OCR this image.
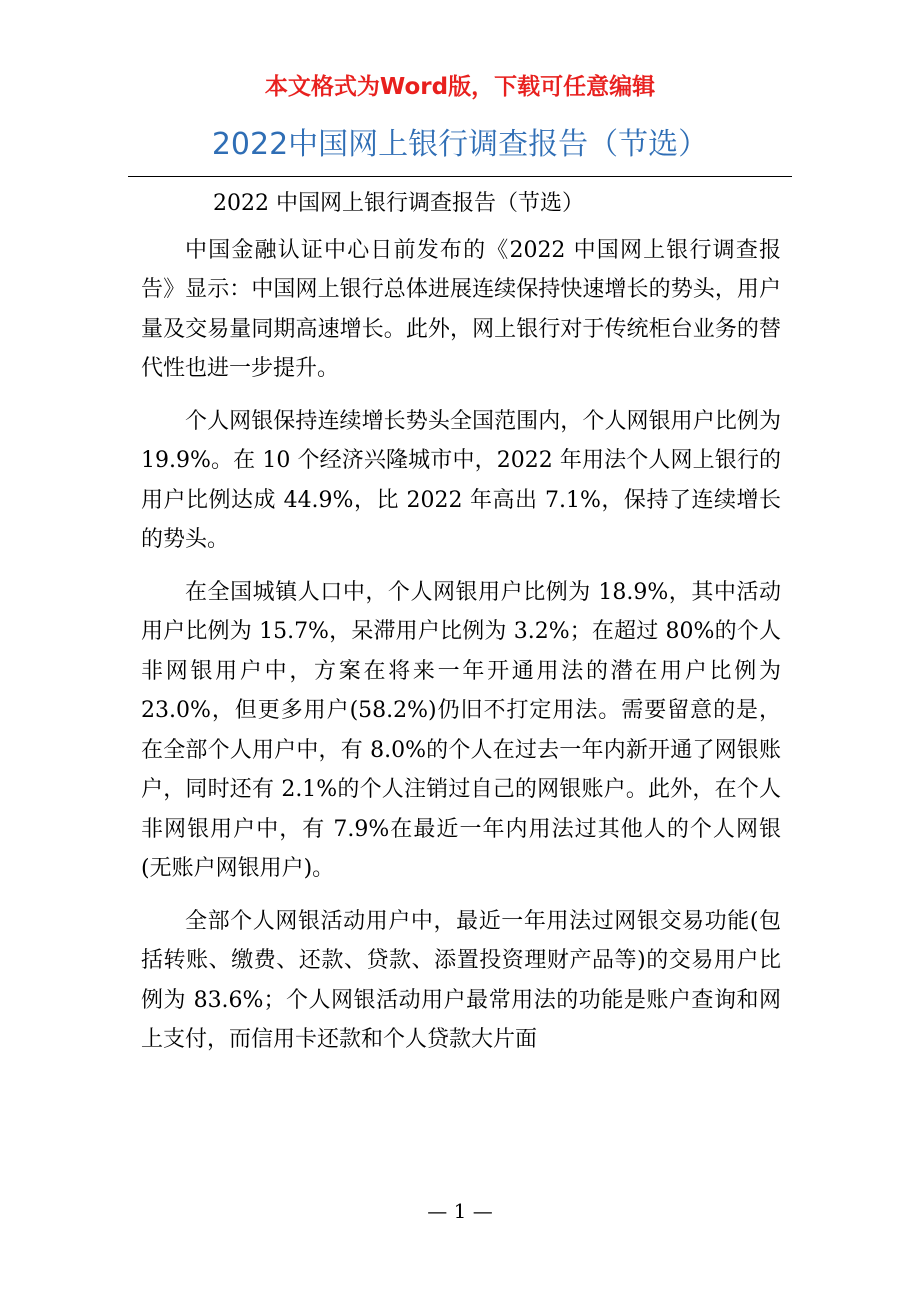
本文格式为Word版，下载可任意编辑
2022中国网上银行调查报告（节选）

2022 中国网上银行调查报告（节选）

中国金融认证中心日前发布的《2022 中国网上银行调查报告》显示：中国网上银行总体进展连续保持快速增长的势头，用户量及交易量同期高速增长。此外，网上银行对于传统柜台业务的替代性也进一步提升。

个人网银保持连续增长势头全国范围内，个人网银用户比例为 19.9%。在 10 个经济兴隆城市中，2022 年用法个人网上银行的用户比例达成 44.9%，比 2022 年高出 7.1%，保持了连续增长的势头。

在全国城镇人口中，个人网银用户比例为 18.9%，其中活动用户比例为 15.7%，呆滞用户比例为 3.2%；在超过 80%的个人非网银用户中，方案在将来一年开通用法的潜在用户比例为 23.0%，但更多用户(58.2%)仍旧不打定用法。需要留意的是，在全部个人用户中，有 8.0%的个人在过去一年内新开通了网银账户，同时还有 2.1%的个人注销过自己的网银账户。此外，在个人非网银用户中，有 7.9%在最近一年内用法过其他人的个人网银(无账户网银用户)。

全部个人网银活动用户中，最近一年用法过网银交易功能(包括转账、缴费、还款、贷款、添置投资理财产品等)的交易用户比例为 83.6%；个人网银活动用户最常用法的功能是账户查询和网上支付，而信用卡还款和个人贷款大片面

— 1 —
